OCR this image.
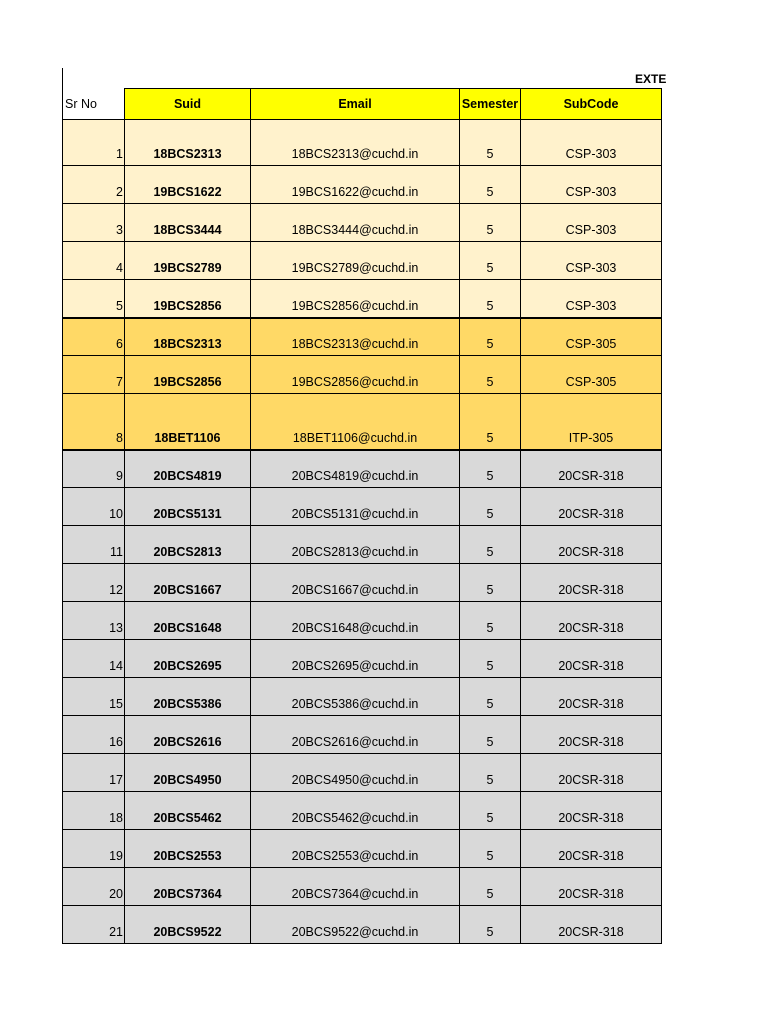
EXTE
Sr No	Suid	Email	Semester	SubCode
1	18BCS2313	18BCS2313@cuchd.in	5	CSP-303
2	19BCS1622	19BCS1622@cuchd.in	5	CSP-303
3	18BCS3444	18BCS3444@cuchd.in	5	CSP-303
4	19BCS2789	19BCS2789@cuchd.in	5	CSP-303
5	19BCS2856	19BCS2856@cuchd.in	5	CSP-303
6	18BCS2313	18BCS2313@cuchd.in	5	CSP-305
7	19BCS2856	19BCS2856@cuchd.in	5	CSP-305
8	18BET1106	18BET1106@cuchd.in	5	ITP-305
9	20BCS4819	20BCS4819@cuchd.in	5	20CSR-318
10	20BCS5131	20BCS5131@cuchd.in	5	20CSR-318
11	20BCS2813	20BCS2813@cuchd.in	5	20CSR-318
12	20BCS1667	20BCS1667@cuchd.in	5	20CSR-318
13	20BCS1648	20BCS1648@cuchd.in	5	20CSR-318
14	20BCS2695	20BCS2695@cuchd.in	5	20CSR-318
15	20BCS5386	20BCS5386@cuchd.in	5	20CSR-318
16	20BCS2616	20BCS2616@cuchd.in	5	20CSR-318
17	20BCS4950	20BCS4950@cuchd.in	5	20CSR-318
18	20BCS5462	20BCS5462@cuchd.in	5	20CSR-318
19	20BCS2553	20BCS2553@cuchd.in	5	20CSR-318
20	20BCS7364	20BCS7364@cuchd.in	5	20CSR-318
21	20BCS9522	20BCS9522@cuchd.in	5	20CSR-318
